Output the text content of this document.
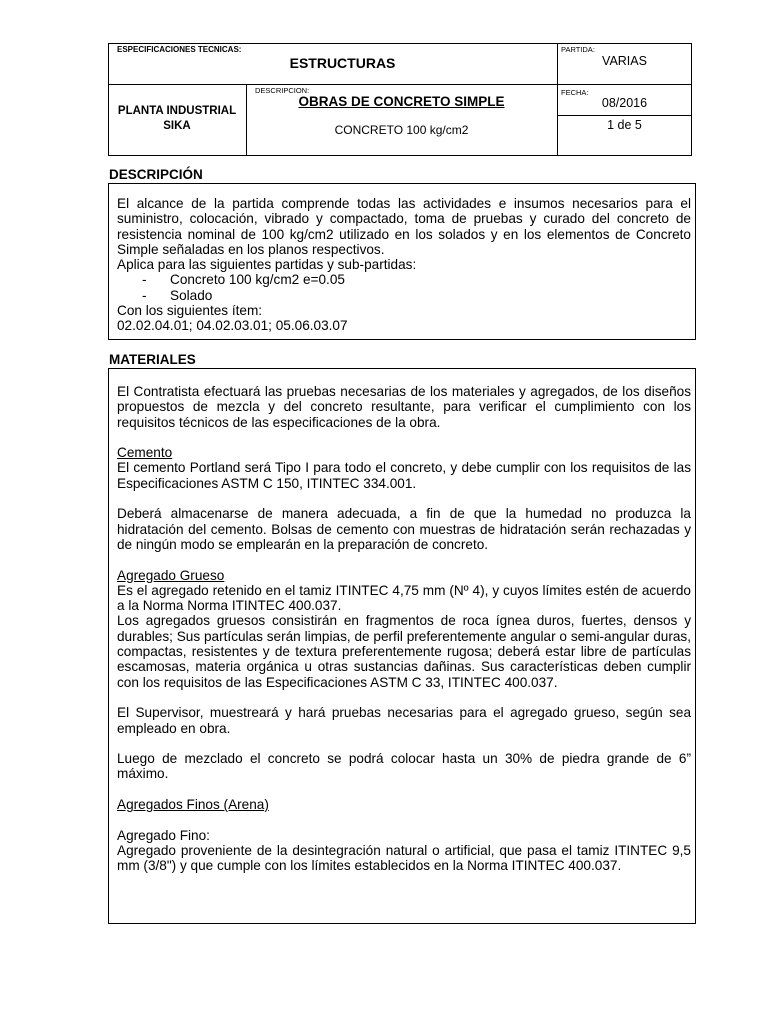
ESPECIFICACIONES TECNICAS:
ESTRUCTURAS
PARTIDA:
VARIAS
PLANTA INDUSTRIAL
SIKA
DESCRIPCION:
OBRAS DE CONCRETO SIMPLE
CONCRETO 100 kg/cm2
FECHA:
08/2016
1 de 5
DESCRIPCIÓN

El alcance de la partida comprende todas las actividades e insumos necesarios para el suministro, colocación, vibrado y compactado, toma de pruebas y curado del concreto de resistencia nominal de 100 kg/cm2 utilizado en los solados y en los elementos de Concreto Simple señaladas en los planos respectivos.

Aplica para las siguientes partidas y sub-partidas:

-	Concreto 100 kg/cm2 e=0.05
-	Solado

Con los siguientes ítem:

02.02.04.01; 04.02.03.01; 05.06.03.07

MATERIALES

El Contratista efectuará las pruebas necesarias de los materiales y agregados, de los diseños propuestos de mezcla y del concreto resultante, para verificar el cumplimiento con los requisitos técnicos de las especificaciones de la obra.

Cemento

El cemento Portland será Tipo I para todo el concreto, y debe cumplir con los requisitos de las Especificaciones ASTM C 150, ITINTEC 334.001.

Deberá almacenarse de manera adecuada, a fin de que la humedad no produzca la hidratación del cemento. Bolsas de cemento con muestras de hidratación serán rechazadas y de ningún modo se emplearán en la preparación de concreto.

Agregado Grueso

Es el agregado retenido en el tamiz ITINTEC 4,75 mm (Nº 4), y cuyos límites estén de acuerdo a la Norma Norma ITINTEC 400.037.

Los agregados gruesos consistirán en fragmentos de roca ígnea duros, fuertes, densos y durables; Sus partículas serán limpias, de perfil preferentemente angular o semi-angular duras, compactas, resistentes y de textura preferentemente rugosa; deberá estar libre de partículas escamosas, materia orgánica u otras sustancias dañinas. Sus características deben cumplir con los requisitos de las Especificaciones ASTM C 33, ITINTEC 400.037.

El Supervisor, muestreará y hará pruebas necesarias para el agregado grueso, según sea empleado en obra.

Luego de mezclado el concreto se podrá colocar hasta un 30% de piedra grande de 6” máximo.

Agregados Finos (Arena)

Agregado Fino:

Agregado proveniente de la desintegración natural o artificial, que pasa el tamiz ITINTEC 9,5 mm (3/8") y que cumple con los límites establecidos en la Norma ITINTEC 400.037.
